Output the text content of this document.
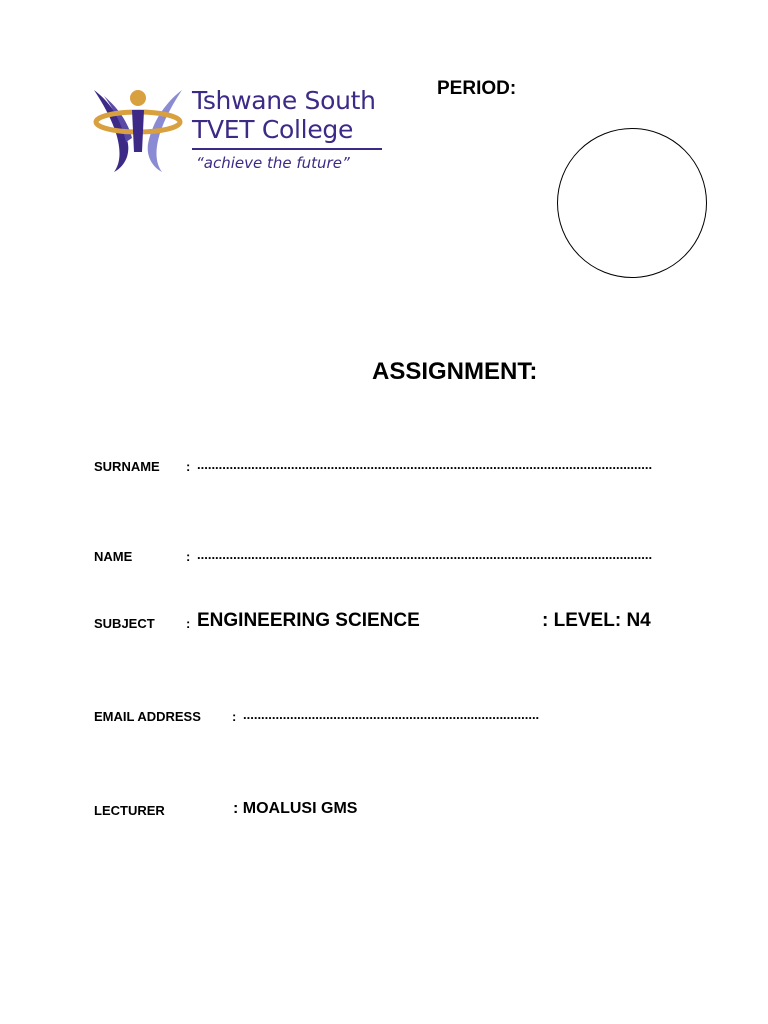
Tshwane South
TVET College
“achieve the future”
PERIOD:
ASSIGNMENT:
SURNAME : ..............................................................................................................................
NAME	: ..............................................................................................................................
SUBJECT : ENGINEERING SCIENCE	: LEVEL: N4
EMAIL ADDRESS : ..................................................................................
LECTURER	: MOALUSI GMS
